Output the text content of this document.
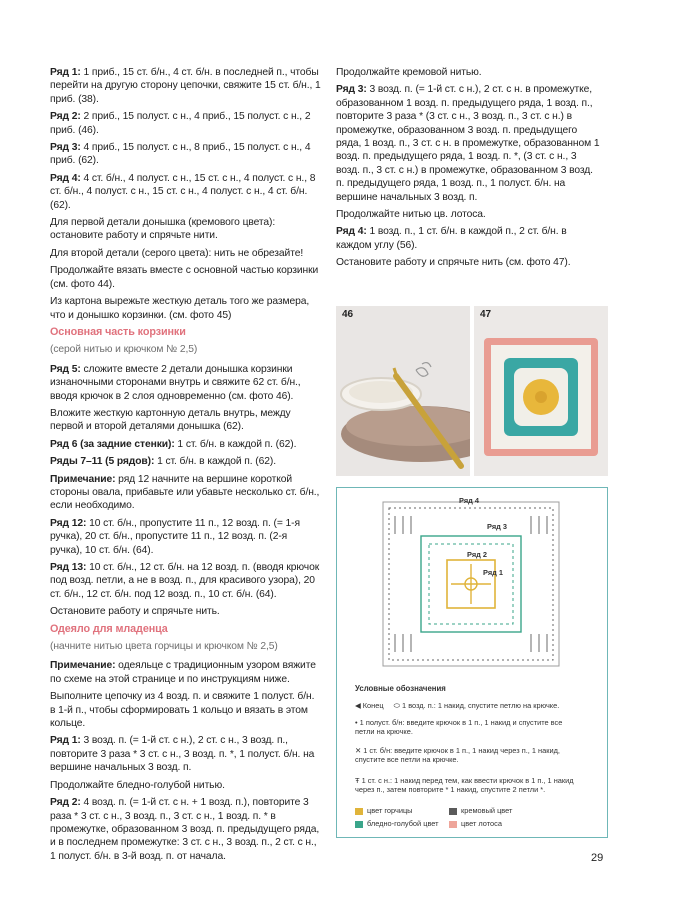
Ряд 1: 1 приб., 15 ст. б/н., 4 ст. б/н. в последней п., чтобы перейти на другую сторону цепочки, свяжите 15 ст. б/н., 1 приб. (38).

Ряд 2: 2 приб., 15 полуст. с н., 4 приб., 15 полуст. с н., 2 приб. (46).

Ряд 3: 4 приб., 15 полуст. с н., 8 приб., 15 полуст. с н., 4 приб. (62).

Ряд 4: 4 ст. б/н., 4 полуст. с н., 15 ст. с н., 4 полуст. с н., 8 ст. б/н., 4 полуст. с н., 15 ст. с н., 4 полуст. с н., 4 ст. б/н. (62).

Для первой детали донышка (кремового цвета): остановите работу и спрячьте нити.

Для второй детали (серого цвета): нить не обрезайте!

Продолжайте вязать вместе с основной частью корзинки (см. фото 44).

Из картона вырежьте жесткую деталь того же размера, что и донышко корзинки. (см. фото 45)

Основная часть корзинки

(серой нитью и крючком № 2,5)

Ряд 5: сложите вместе 2 детали донышка корзинки изнаночными сторонами внутрь и свяжите 62 ст. б/н., вводя крючок в 2 слоя одновременно (см. фото 46).

Вложите жесткую картонную деталь внутрь, между первой и второй деталями донышка (62).

Ряд 6 (за задние стенки): 1 ст. б/н. в каждой п. (62).

Ряды 7–11 (5 рядов): 1 ст. б/н. в каждой п. (62).

Примечание: ряд 12 начните на вершине короткой стороны овала, прибавьте или убавьте несколько ст. б/н., если необходимо.

Ряд 12: 10 ст. б/н., пропустите 11 п., 12 возд. п. (= 1-я ручка), 20 ст. б/н., пропустите 11 п., 12 возд. п. (2-я ручка), 10 ст. б/н. (64).

Ряд 13: 10 ст. б/н., 12 ст. б/н. на 12 возд. п. (вводя крючок под возд. петли, а не в возд. п., для красивого узора), 20 ст. б/н., 12 ст. б/н. под 12 возд. п., 10 ст. б/н. (64).

Остановите работу и спрячьте нить.

Одеяло для младенца

(начните нитью цвета горчицы и крючком № 2,5)

Примечание: одеяльце с традиционным узором вяжите по схеме на этой странице и по инструкциям ниже.

Выполните цепочку из 4 возд. п. и свяжите 1 полуст. б/н. в 1-й п., чтобы сформировать 1 кольцо и вязать в этом кольце.

Ряд 1: 3 возд. п. (= 1-й ст. с н.), 2 ст. с н., 3 возд. п., повторите 3 раза * 3 ст. с н., 3 возд. п. *, 1 полуст. б/н. на вершине начальных 3 возд. п.

Продолжайте бледно-голубой нитью.

Ряд 2: 4 возд. п. (= 1-й ст. с н. + 1 возд. п.), повторите 3 раза * 3 ст. с н., 3 возд. п., 3 ст. с н., 1 возд. п. * в промежутке, образованном 3 возд. п. предыдущего ряда, и в последнем промежутке: 3 ст. с н., 3 возд. п., 2 ст. с н., 1 полуст. б/н. в 3-й возд. п. от начала.

Продолжайте кремовой нитью.

Ряд 3: 3 возд. п. (= 1-й ст. с н.), 2 ст. с н. в промежутке, образованном 1 возд. п. предыдущего ряда, 1 возд. п., повторите 3 раза * (3 ст. с н., 3 возд. п., 3 ст. с н.) в промежутке, образованном 3 возд. п. предыдущего ряда, 1 возд. п., 3 ст. с н. в промежутке, образованном 1 возд. п. предыдущего ряда, 1 возд. п. *, (3 ст. с н., 3 возд. п., 3 ст. с н.) в промежутке, образованном 3 возд. п. предыдущего ряда, 1 возд. п., 1 полуст. б/н. на вершине начальных 3 возд. п.

Продолжайте нитью цв. лотоса.

Ряд 4: 1 возд. п., 1 ст. б/н. в каждой п., 2 ст. б/н. в каждом углу (56).

Остановите работу и спрячьте нить (см. фото 47).

46	47
Ряд 4
Ряд 3
Ряд 2
Ряд 1
Условные обозначения
◀ Конец ⬭ 1 возд. п.: 1 накид, спустите петлю на крючке.
• 1 полуст. б/н: введите крючок в 1 п., 1 накид и спустите все петли на крючке.
✕ 1 ст. б/н: введите крючок в 1 п., 1 накид через п., 1 накид, спустите все петли на крючке.
Ŧ 1 ст. с н.: 1 накид перед тем, как ввести крючок в 1 п., 1 накид через п., затем повторите * 1 накид, спустите 2 петли *.
цвет горчицы	кремовый цвет
бледно-голубой цвет	цвет лотоса
29
